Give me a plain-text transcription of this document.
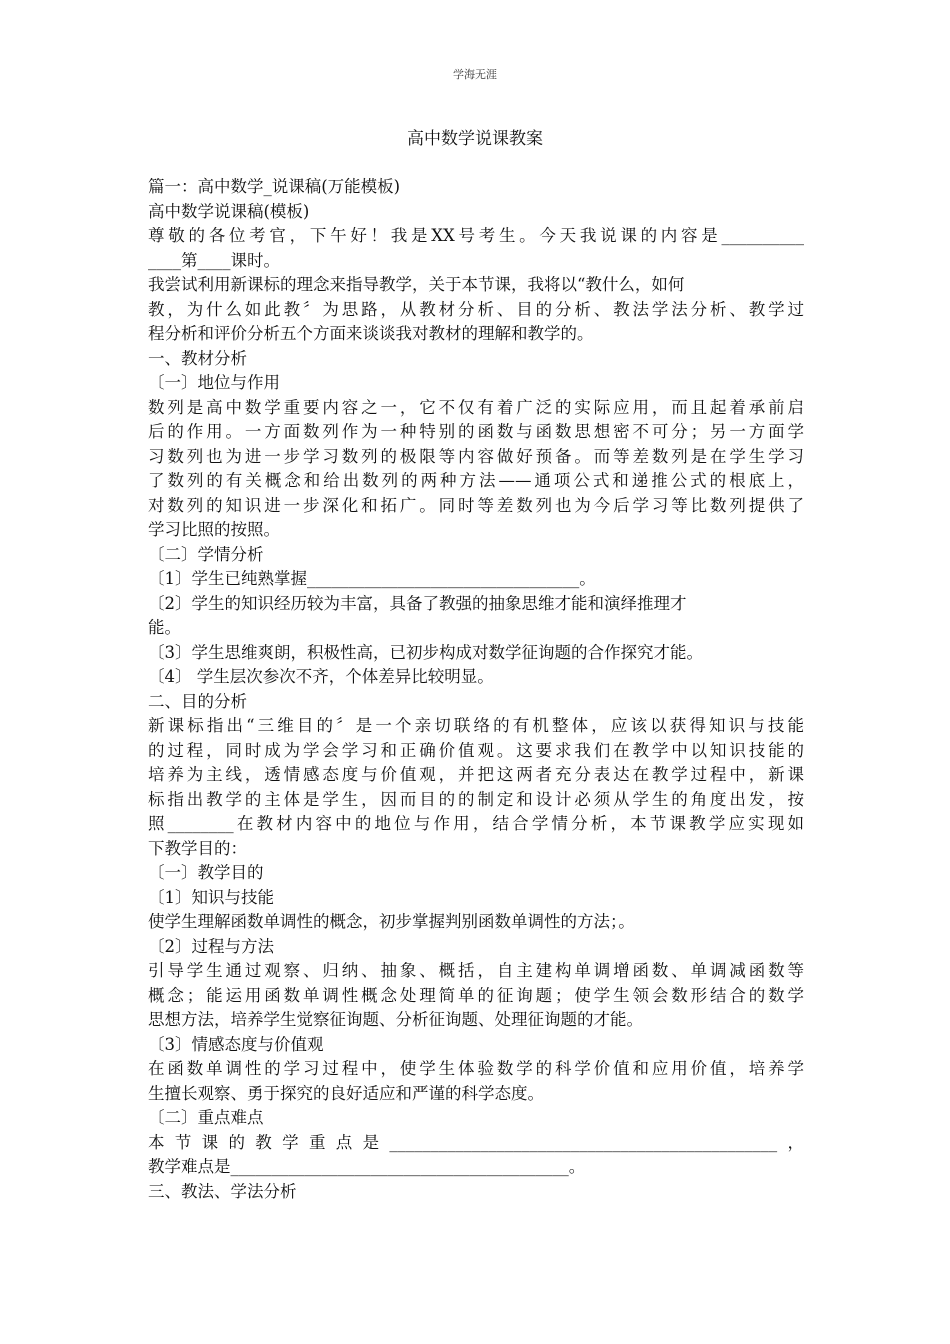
学海无涯
高中数学说课教案
篇一：高中数学_说课稿(万能模板)
高中数学说课稿(模板)
尊敬的各位考官，下午好！我是XX号考生。今天我说课的内容是__________
____第____课时。
我尝试利用新课标的理念来指导教学，关于本节课，我将以“教什么，如何
教，为什么如此教〞为思路，从教材分析、目的分析、教法学法分析、教学过
程分析和评价分析五个方面来谈谈我对教材的理解和教学的。
一、教材分析
〔一〕地位与作用
数列是高中数学重要内容之一，它不仅有着广泛的实际应用，而且起着承前启
后的作用。一方面数列作为一种特别的函数与函数思想密不可分；另一方面学
习数列也为进一步学习数列的极限等内容做好预备。而等差数列是在学生学习
了数列的有关概念和给出数列的两种方法——通项公式和递推公式的根底上，
对数列的知识进一步深化和拓广。同时等差数列也为今后学习等比数列提供了
学习比照的按照。
〔二〕学情分析
〔1〕学生已纯熟掌握_________________________________。
〔2〕学生的知识经历较为丰富，具备了教强的抽象思维才能和演绎推理才
能。
〔3〕学生思维爽朗，积极性高，已初步构成对数学征询题的合作探究才能。
〔4〕 学生层次参次不齐，个体差异比较明显。
二、目的分析
新课标指出“三维目的〞是一个亲切联络的有机整体，应该以获得知识与技能
的过程，同时成为学会学习和正确价值观。这要求我们在教学中以知识技能的
培养为主线，透情感态度与价值观，并把这两者充分表达在教学过程中，新课
标指出教学的主体是学生，因而目的的制定和设计必须从学生的角度出发，按
照________在教材内容中的地位与作用，结合学情分析，本节课教学应实现如
下教学目的：
〔一〕教学目的
〔1〕知识与技能
使学生理解函数单调性的概念，初步掌握判别函数单调性的方法；。
〔2〕过程与方法
引导学生通过观察、归纳、抽象、概括，自主建构单调增函数、单调减函数等
概念；能运用函数单调性概念处理简单的征询题；使学生领会数形结合的数学
思想方法，培养学生觉察征询题、分析征询题、处理征询题的才能。
〔3〕情感态度与价值观
在函数单调性的学习过程中，使学生体验数学的科学价值和应用价值，培养学
生擅长观察、勇于探究的良好适应和严谨的科学态度。
〔二〕重点难点
本节课的教学重点是_______________________________________________，
教学难点是_________________________________________。
三、教法、学法分析
